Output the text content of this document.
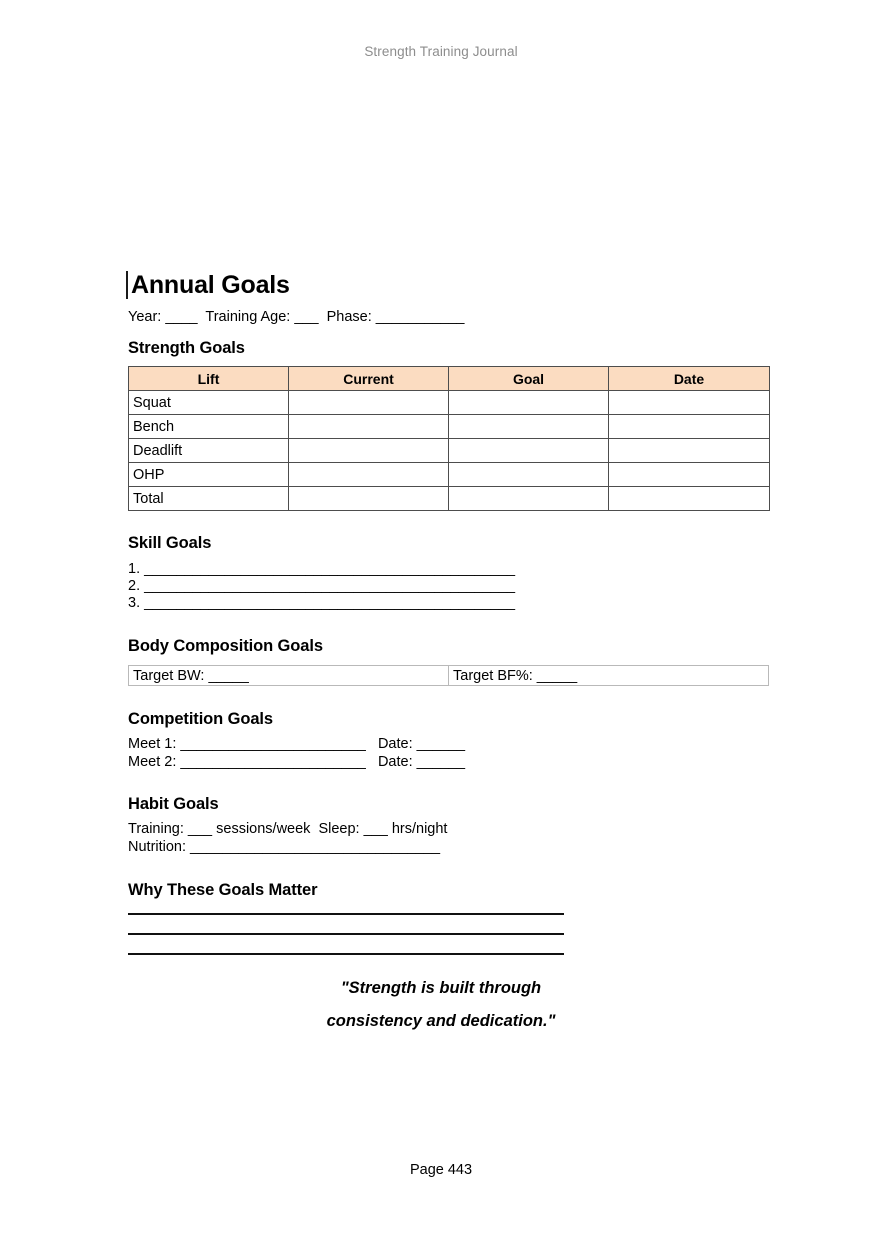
Strength Training Journal
Annual Goals
Year: ____  Training Age: ___  Phase: ___________
Strength Goals
Lift	Current	Goal	Date
Squat			
Bench			
Deadlift			
OHP			
Total			
Skill Goals
1. ______________________________________________
2. ______________________________________________
3. ______________________________________________
Body Composition Goals
Target BW: _____	Target BF%: _____
Competition Goals
Meet 1: _______________________   Date: ______
Meet 2: _______________________   Date: ______
Habit Goals
Training: ___ sessions/week  Sleep: ___ hrs/night
Nutrition: _______________________________
Why These Goals Matter
"Strength is built through
consistency and dedication."
Page 443
